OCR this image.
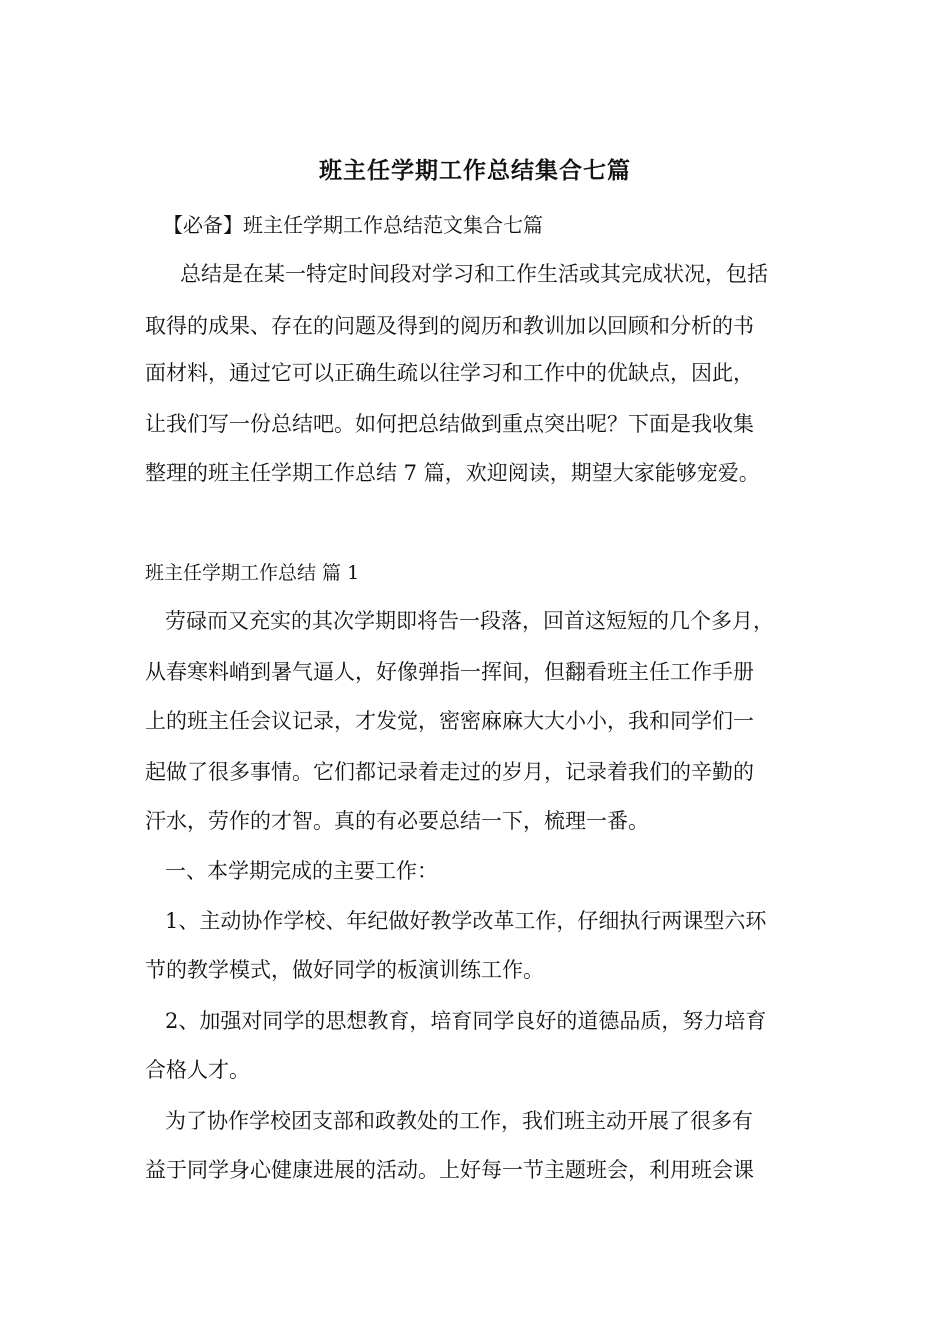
班主任学期工作总结集合七篇
【必备】班主任学期工作总结范文集合七篇
总结是在某一特定时间段对学习和工作生活或其完成状况，包括
取得的成果、存在的问题及得到的阅历和教训加以回顾和分析的书
面材料，通过它可以正确生疏以往学习和工作中的优缺点，因此，
让我们写一份总结吧。如何把总结做到重点突出呢？下面是我收集
整理的班主任学期工作总结 7 篇，欢迎阅读，期望大家能够宠爱。
班主任学期工作总结 篇 1
劳碌而又充实的其次学期即将告一段落，回首这短短的几个多月，
从春寒料峭到暑气逼人，好像弹指一挥间，但翻看班主任工作手册
上的班主任会议记录，才发觉，密密麻麻大大小小，我和同学们一
起做了很多事情。它们都记录着走过的岁月，记录着我们的辛勤的
汗水，劳作的才智。真的有必要总结一下，梳理一番。
一、本学期完成的主要工作：
1、主动协作学校、年纪做好教学改革工作，仔细执行两课型六环
节的教学模式，做好同学的板演训练工作。
2、加强对同学的思想教育，培育同学良好的道德品质，努力培育
合格人才。
为了协作学校团支部和政教处的工作，我们班主动开展了很多有
益于同学身心健康进展的活动。上好每一节主题班会，利用班会课
